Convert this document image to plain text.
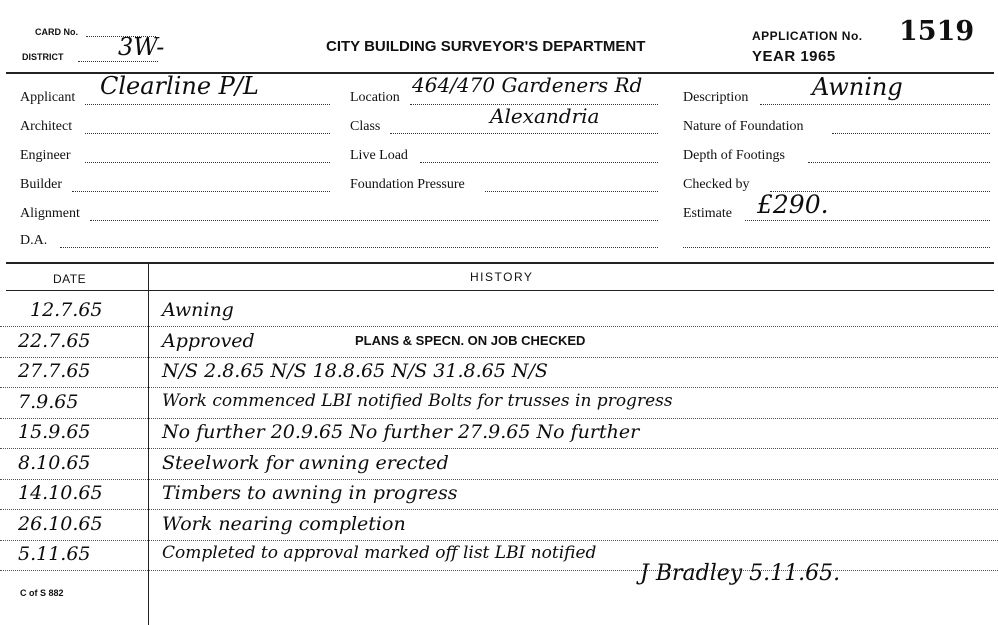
CARD No.
DISTRICT 3W-	CITY BUILDING SURVEYOR'S DEPARTMENT
APPLICATION No. 1519
YEAR 1965
Applicant Clearline P/L
Architect
Engineer
Builder
Alignment
D.A.
Location
464/470 Gardeners Rd
Class	Alexandria
Live Load
Foundation Pressure
Description	Awning
Nature of Foundation
Depth of Footings
Checked by
Estimate £290.
DATE	HISTORY
12.7.65	Awning
22.7.65	Approved
27.7.65	N/S 2.8.65 N/S 18.8.65 N/S 31.8.65 N/S
7.9.65	Work commenced LBI notified Bolts for trusses in progress
15.9.65	No further 20.9.65 No further 27.9.65 No further
8.10.65	Steelwork for awning erected
14.10.65	Timbers to awning in progress
26.10.65	Work nearing completion
5.11.65	Completed to approval marked off list LBI notified
PLANS & SPECN. ON JOB CHECKED
J Bradley 5.11.65.
C of S 882
